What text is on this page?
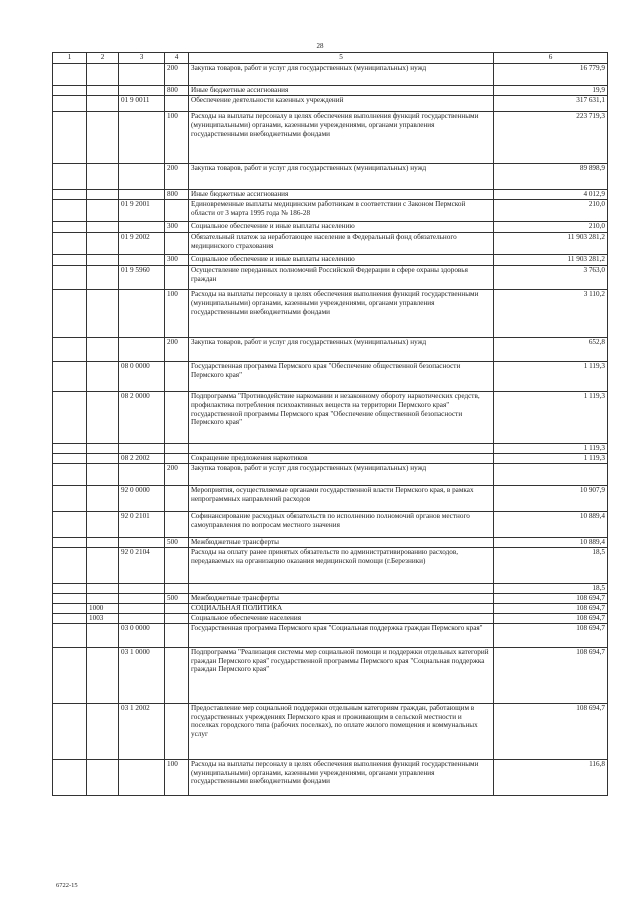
28
1	2	3	4	5	6
			200	Закупка товаров, работ и услуг для государственных (муниципальных) нужд	16 779,9
			800	Иные бюджетные ассигнования	19,9
		01 9 0011		Обеспечение деятельности казенных учреждений	317 631,1
			100	Расходы на выплаты персоналу в целях обеспечения выполнения функций государственными (муниципальными) органами, казенными учреждениями, органами управления государственными внебюджетными фондами	223 719,3
			200	Закупка товаров, работ и услуг для государственных (муниципальных) нужд	89 898,9
			800	Иные бюджетные ассигнования	4 012,9
		01 9 2001		Единовременные выплаты медицинским работникам в соответствии с Законом Пермской области от 3 марта 1995 года № 186-28	210,0
			300	Социальное обеспечение и иные выплаты населению	210,0
		01 9 2002		Обязательный платеж за неработающее население в Федеральный фонд обязательного медицинского страхования	11 903 281,2
			300	Социальное обеспечение и иные выплаты населению	11 903 281,2
		01 9 5960		Осуществление переданных полномочий Российской Федерации в сфере охраны здоровья граждан	3 763,0
			100	Расходы на выплаты персоналу в целях обеспечения выполнения функций государственными (муниципальными) органами, казенными учреждениями, органами управления государственными внебюджетными фондами	3 110,2
			200	Закупка товаров, работ и услуг для государственных (муниципальных) нужд	652,8
		08 0 0000		Государственная программа Пермского края "Обеспечение общественной безопасности Пермского края"	1 119,3
		08 2 0000		Подпрограмма "Противодействие наркомании и незаконному обороту наркотических средств, профилактика потребления психоактивных веществ на территории Пермского края" государственной программы Пермского края "Обеспечение общественной безопасности Пермского края"	1 119,3
					1 119,3
		08 2 2002		Сокращение предложения наркотиков	1 119,3
			200	Закупка товаров, работ и услуг для государственных (муниципальных) нужд	
		92 0 0000		Мероприятия, осуществляемые органами государственной власти Пермского края, в рамках непрограммных направлений расходов	10 907,9
		92 0 2101		Софинансирование расходных обязательств по исполнению полномочий органов местного самоуправления по вопросам местного значения	10 889,4
			500	Межбюджетные трансферты	10 889,4
		92 0 2104		Расходы на оплату ранее принятых обязательств по административированию расходов, передаваемых на организацию оказания медицинской помощи (г.Березники)	18,5
					18,5
			500	Межбюджетные трансферты	108 694,7
	1000			СОЦИАЛЬНАЯ ПОЛИТИКА	108 694,7
	1003			Социальное обеспечение населения	108 694,7
		03 0 0000		Государственная программа Пермского края "Социальная поддержка граждан Пермского края"	108 694,7
		03 1 0000		Подпрограмма "Реализация системы мер социальной помощи и поддержки отдельных категорий граждан Пермского края" государственной программы Пермского края "Социальная поддержка граждан Пермского края"	108 694,7
		03 1 2002		Предоставление мер социальной поддержки отдельным категориям граждан, работающим в государственных учреждениях Пермского края и проживающим в сельской местности и поселках городского типа (рабочих поселках), по оплате жилого помещения и коммунальных услуг	108 694,7
			100	Расходы на выплаты персоналу в целях обеспечения выполнения функций государственными (муниципальными) органами, казенными учреждениями, органами управления государственными внебюджетными фондами	116,8
6722-15
